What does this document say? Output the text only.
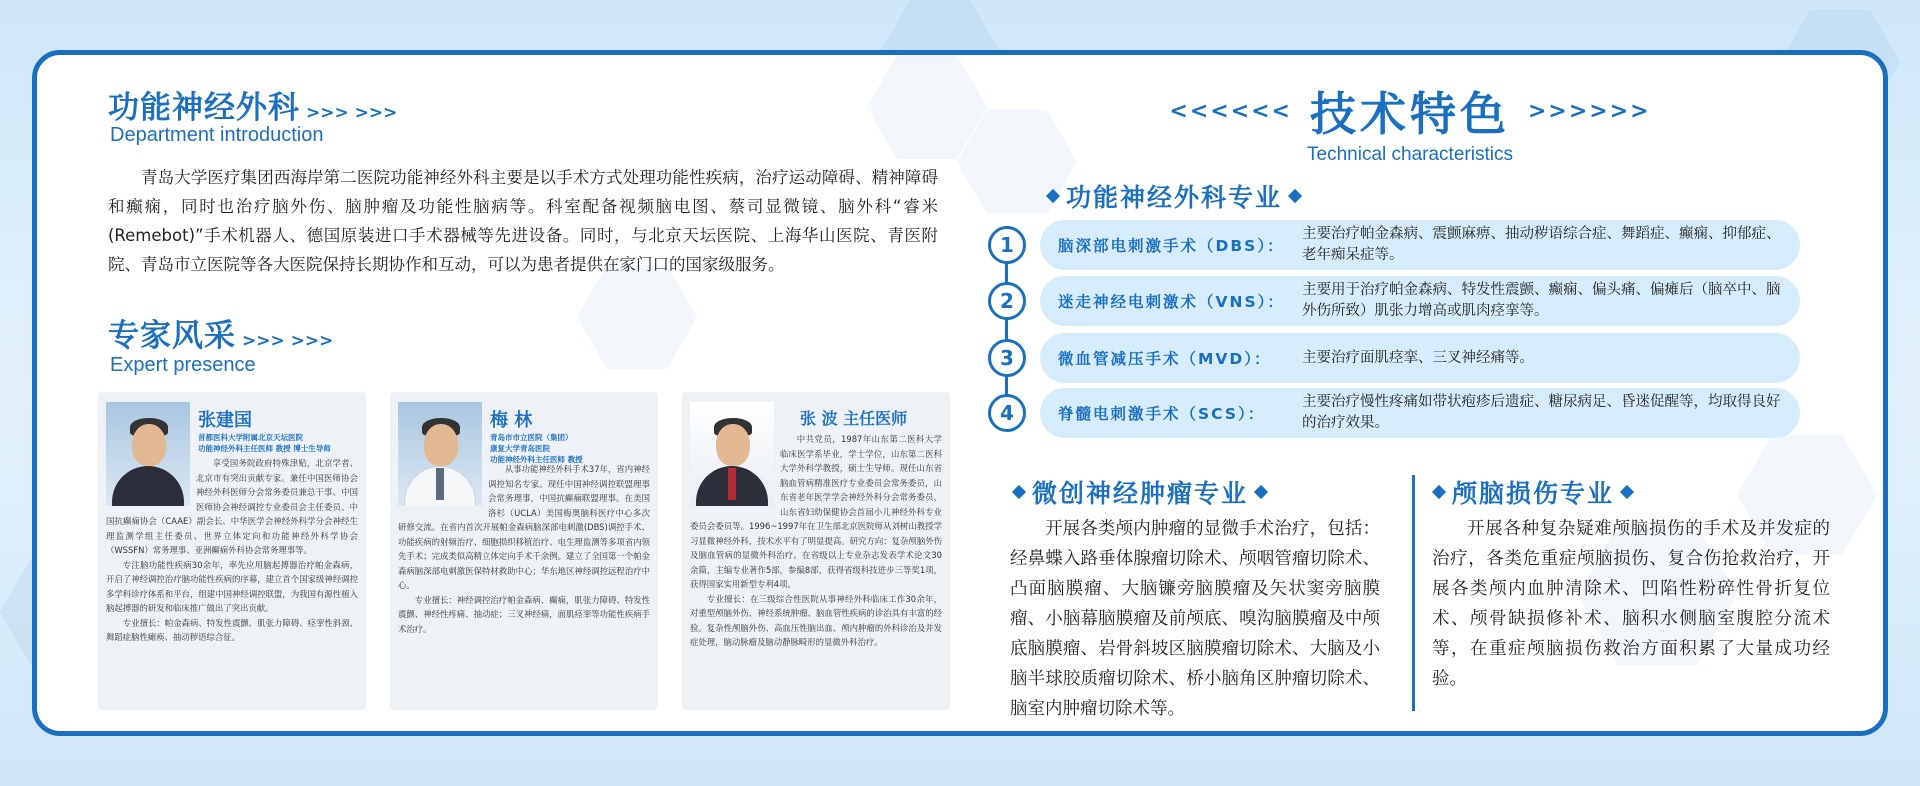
功能神经外科 >>> >>>
Department introduction
青岛大学医疗集团西海岸第二医院功能神经外科主要是以手术方式处理功能性疾病，治疗运动障碍、精神障碍和癫痫，同时也治疗脑外伤、脑肿瘤及功能性脑病等。科室配备视频脑电图、蔡司显微镜、脑外科“睿米(Remebot)”手术机器人、德国原装进口手术器械等先进设备。同时，与北京天坛医院、上海华山医院、青医附院、青岛市立医院等各大医院保持长期协作和互动，可以为患者提供在家门口的国家级服务。
专家风采 >>> >>>
Expert presence
张建国
首都医科大学附属北京天坛医院
功能神经外科主任医师 教授 博士生导师

享受国务院政府特殊津贴，北京学者、北京市有突出贡献专家。兼任中国医师协会神经外科医师分会常务委员兼总干事、中国医师协会神经调控专业委员会主任委员、中国抗癫痫协会（CAAE）副会长、中华医学会神经外科学分会神经生理监测学组主任委员、世界立体定向和功能神经外科学协会（WSSFN）常务理事、亚洲癫痫外科协会常务理事等。

专注脑功能性疾病30余年，率先应用脑起搏器治疗帕金森病，开启了神经调控治疗脑功能性疾病的序幕，建立首个国家级神经调控多学科诊疗体系和平台，组建中国神经调控联盟，为我国有源性植入脑起搏器的研发和临床推广做出了突出贡献。

专业擅长：帕金森病、特发性震颤、肌张力障碍、痉挛性斜颈、舞蹈症脑性瘫痪、抽动秽语综合征。

梅 林
青岛市市立医院（集团）
康复大学青岛医院
功能神经外科主任医师 教授

从事功能神经外科手术37年，省内神经调控知名专家。现任中国神经调控联盟理事会常务理事，中国抗癫痫联盟理事。在美国洛杉（UCLA）美国梅奥脑科医疗中心多次研修交流。在省内首次开展帕金森病脑深部电刺激(DBS)调控手术、功能疾病的射频治疗、细胞损织移植治疗、电生理监测等多项省内领先手术；完成类似高精立体定向手术千余例。建立了全国第一个帕金森病脑深部电刺激医保特材救助中心；华东地区神经调控远程治疗中心。

专业擅长：神经调控治疗帕金森病、癫痫，肌张力障碍、特发性震颤、神经性疼痛、抽动症；三叉神经痛，面肌痉挛等功能性疾病手术治疗。

张 波 主任医师

中共党员，1987年山东第二医科大学临床医学系毕业，学士学位，山东第二医科大学外科学教授，硕士生导师。现任山东省脑血管病精准医疗专业委员会常务委员，山东省老年医学学会神经外科分会常务委员，山东省妇幼保健协会首届小儿神经外科专业委员会委员等。1996~1997年在卫生部北京医院师从刘树山教授学习显微神经外科，技术水平有了明显提高。研究方向：复杂颅脑外伤及脑血管病的显微外科治疗。在省级以上专业杂志发表学术论文30余篇，主编专业著作5部，参编8部，获得省级科技进步三等奖1项，获得国家实用新型专利4项。

专业擅长：在三级综合性医院从事神经外科临床工作30余年，对重型颅脑外伤、神经系统肿瘤、脑血管性疾病的诊治具有丰富的经验。复杂性颅脑外伤、高血压性脑出血、颅内肿瘤的外科诊治及并发症处理，脑动脉瘤及脑动静脉畸形的显微外科治疗。

<<<<<< 技术特色 >>>>>>
Technical characteristics
功能神经外科专业
1	脑深部电刺激手术（DBS）：
主要治疗帕金森病、震颤麻痹、抽动秽语综合症、舞蹈症、癫痫、抑郁症、老年痴呆症等。
2	迷走神经电刺激术（VNS）：
主要用于治疗帕金森病、特发性震颤、癫痫、偏头痛、偏瘫后（脑卒中、脑外伤所致）肌张力增高或肌肉痉挛等。
3	微血管减压手术（MVD）：	主要治疗面肌痉挛、三叉神经痛等。
4	脊髓电刺激手术（SCS）：
主要治疗慢性疼痛如带状疱疹后遗症、糖尿病足、昏迷促醒等，均取得良好的治疗效果。
微创神经肿瘤专业
开展各类颅内肿瘤的显微手术治疗，包括：经鼻蝶入路垂体腺瘤切除术、颅咽管瘤切除术、凸面脑膜瘤、大脑镰旁脑膜瘤及矢状窦旁脑膜瘤、小脑幕脑膜瘤及前颅底、嗅沟脑膜瘤及中颅底脑膜瘤、岩骨斜坡区脑膜瘤切除术、大脑及小脑半球胶质瘤切除术、桥小脑角区肿瘤切除术、脑室内肿瘤切除术等。
颅脑损伤专业
开展各种复杂疑难颅脑损伤的手术及并发症的治疗，各类危重症颅脑损伤、复合伤抢救治疗，开展各类颅内血肿清除术、凹陷性粉碎性骨折复位术、颅骨缺损修补术、脑积水侧脑室腹腔分流术等，在重症颅脑损伤救治方面积累了大量成功经验。
